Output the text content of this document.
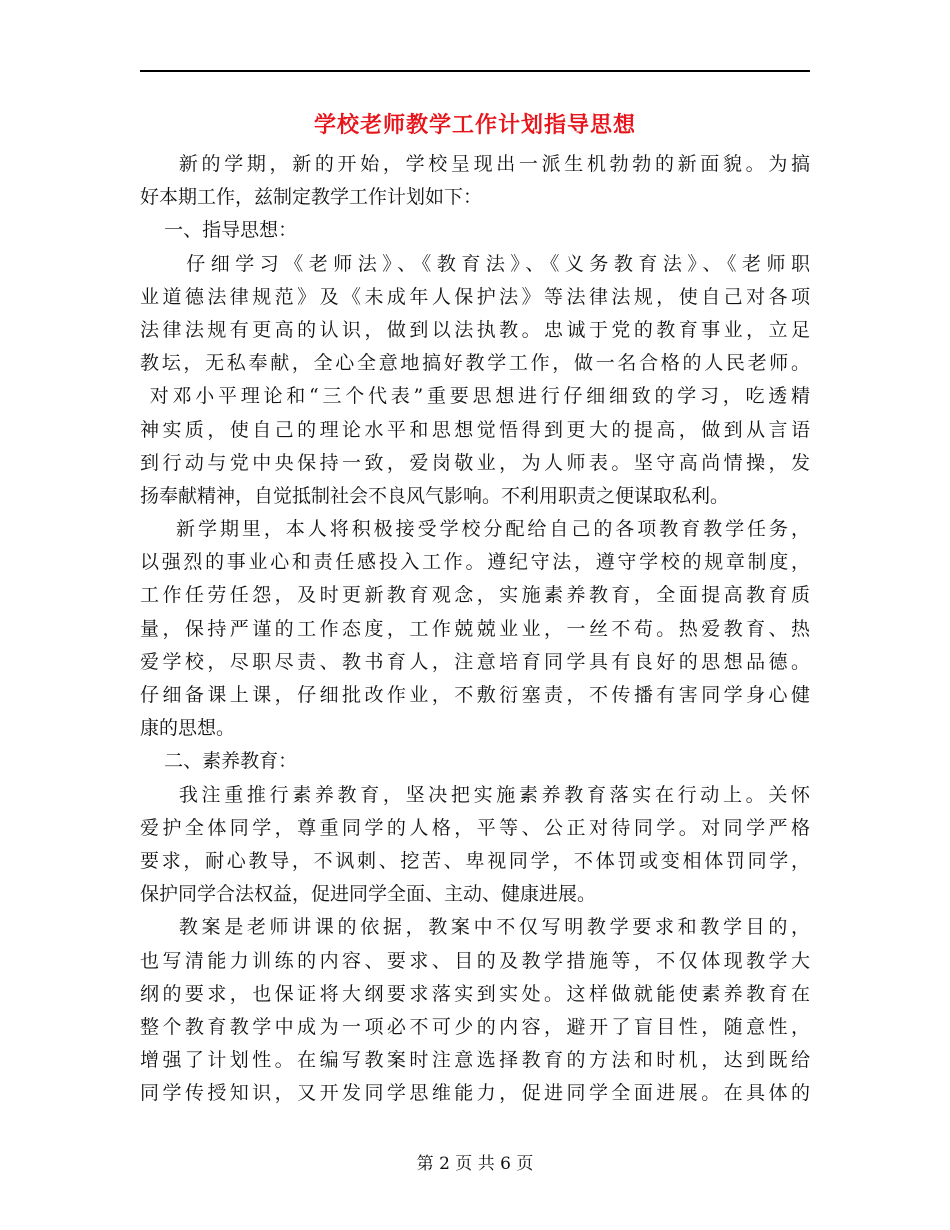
学校老师教学工作计划指导思想
新的学期，新的开始，学校呈现出一派生机勃勃的新面貌。为搞
好本期工作，兹制定教学工作计划如下：
一、指导思想：
仔细学习《老师法》、《教育法》、《义务教育法》、《老师职
业道德法律规范》及《未成年人保护法》等法律法规，使自己对各项
法律法规有更高的认识，做到以法执教。忠诚于党的教育事业，立足
教坛，无私奉献，全心全意地搞好教学工作，做一名合格的人民老师。
对邓小平理论和“三个代表”重要思想进行仔细细致的学习，吃透精
神实质，使自己的理论水平和思想觉悟得到更大的提高，做到从言语
到行动与党中央保持一致，爱岗敬业，为人师表。坚守高尚情操，发
扬奉献精神，自觉抵制社会不良风气影响。不利用职责之便谋取私利。
新学期里，本人将积极接受学校分配给自己的各项教育教学任务，
以强烈的事业心和责任感投入工作。遵纪守法，遵守学校的规章制度，
工作任劳任怨，及时更新教育观念，实施素养教育，全面提高教育质
量，保持严谨的工作态度，工作兢兢业业，一丝不苟。热爱教育、热
爱学校，尽职尽责、教书育人，注意培育同学具有良好的思想品德。
仔细备课上课，仔细批改作业，不敷衍塞责，不传播有害同学身心健
康的思想。
二、素养教育：
我注重推行素养教育，坚决把实施素养教育落实在行动上。关怀
爱护全体同学，尊重同学的人格，平等、公正对待同学。对同学严格
要求，耐心教导，不讽刺、挖苦、卑视同学，不体罚或变相体罚同学，
保护同学合法权益，促进同学全面、主动、健康进展。
教案是老师讲课的依据，教案中不仅写明教学要求和教学目的，
也写清能力训练的内容、要求、目的及教学措施等，不仅体现教学大
纲的要求，也保证将大纲要求落实到实处。这样做就能使素养教育在
整个教育教学中成为一项必不可少的内容，避开了盲目性，随意性，
增强了计划性。在编写教案时注意选择教育的方法和时机，达到既给
同学传授知识，又开发同学思维能力，促进同学全面进展。在具体的
第 2 页 共 6 页
